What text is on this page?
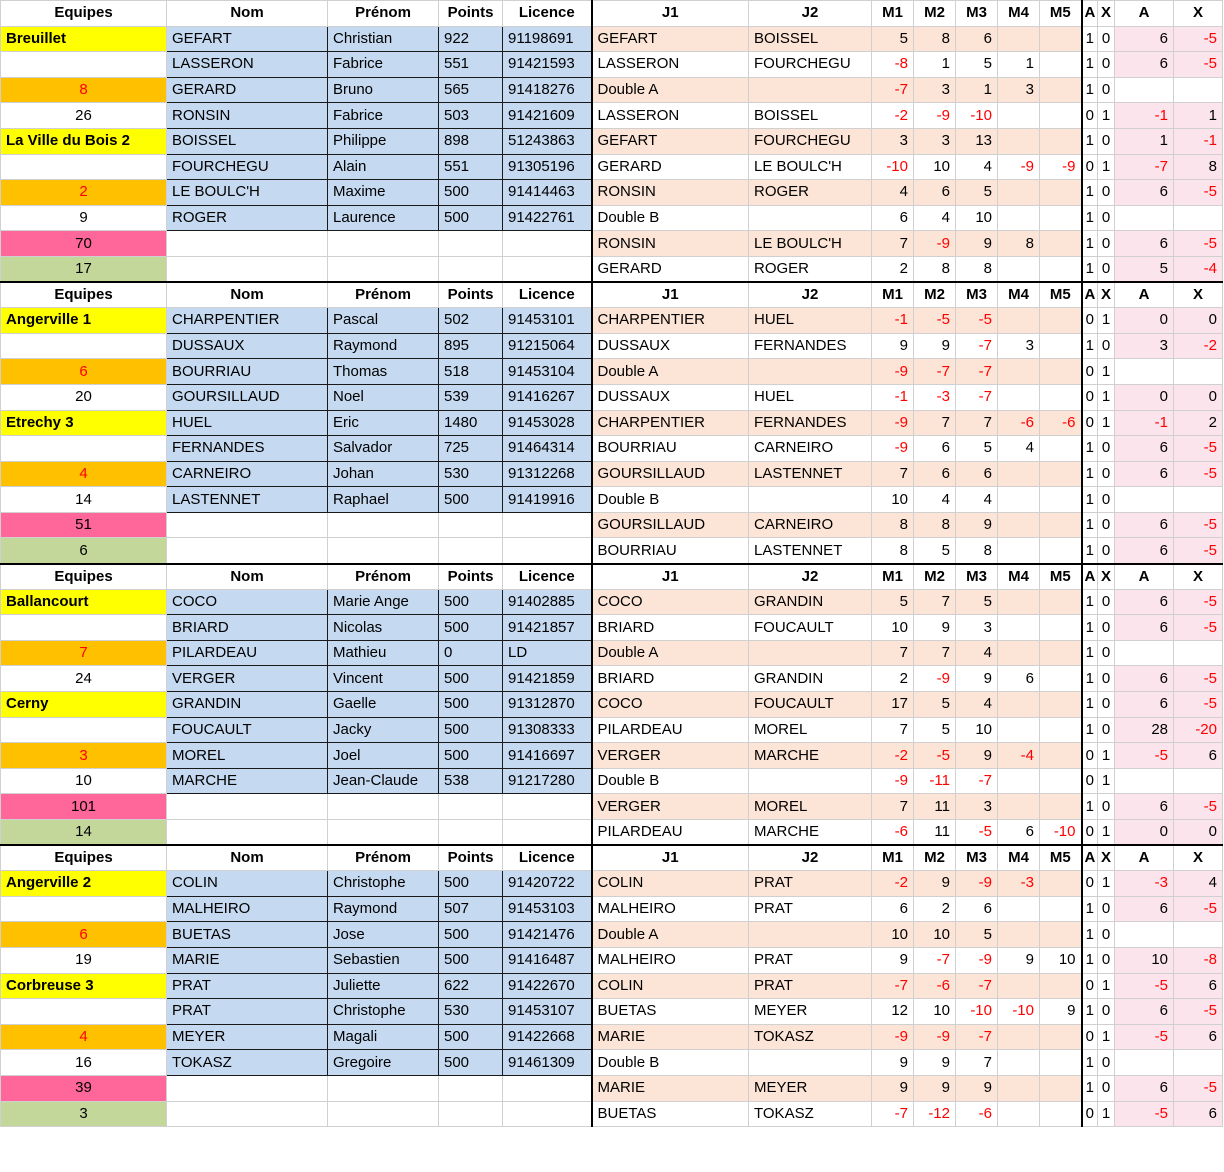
Equipes	Nom	Prénom	Points	Licence	J1	J2	M1	M2	M3	M4	M5	A	X	A	X
Breuillet	GEFART	Christian	922	91198691	GEFART	BOISSEL	5	8	6			1	0	6	-5
	LASSERON	Fabrice	551	91421593	LASSERON	FOURCHEGU	-8	1	5	1		1	0	6	-5
8	GERARD	Bruno	565	91418276	Double A		-7	3	1	3		1	0		
26	RONSIN	Fabrice	503	91421609	LASSERON	BOISSEL	-2	-9	-10			0	1	-1	1
La Ville du Bois 2	BOISSEL	Philippe	898	51243863	GEFART	FOURCHEGU	3	3	13			1	0	1	-1
	FOURCHEGU	Alain	551	91305196	GERARD	LE BOULC'H	-10	10	4	-9	-9	0	1	-7	8
2	LE BOULC'H	Maxime	500	91414463	RONSIN	ROGER	4	6	5			1	0	6	-5
9	ROGER	Laurence	500	91422761	Double B		6	4	10			1	0		
70					RONSIN	LE BOULC'H	7	-9	9	8		1	0	6	-5
17					GERARD	ROGER	2	8	8			1	0	5	-4
Equipes	Nom	Prénom	Points	Licence	J1	J2	M1	M2	M3	M4	M5	A	X	A	X
Angerville 1	CHARPENTIER	Pascal	502	91453101	CHARPENTIER	HUEL	-1	-5	-5			0	1	0	0
	DUSSAUX	Raymond	895	91215064	DUSSAUX	FERNANDES	9	9	-7	3		1	0	3	-2
6	BOURRIAU	Thomas	518	91453104	Double A		-9	-7	-7			0	1		
20	GOURSILLAUD	Noel	539	91416267	DUSSAUX	HUEL	-1	-3	-7			0	1	0	0
Etrechy 3	HUEL	Eric	1480	91453028	CHARPENTIER	FERNANDES	-9	7	7	-6	-6	0	1	-1	2
	FERNANDES	Salvador	725	91464314	BOURRIAU	CARNEIRO	-9	6	5	4		1	0	6	-5
4	CARNEIRO	Johan	530	91312268	GOURSILLAUD	LASTENNET	7	6	6			1	0	6	-5
14	LASTENNET	Raphael	500	91419916	Double B		10	4	4			1	0		
51					GOURSILLAUD	CARNEIRO	8	8	9			1	0	6	-5
6					BOURRIAU	LASTENNET	8	5	8			1	0	6	-5
Equipes	Nom	Prénom	Points	Licence	J1	J2	M1	M2	M3	M4	M5	A	X	A	X
Ballancourt	COCO	Marie Ange	500	91402885	COCO	GRANDIN	5	7	5			1	0	6	-5
	BRIARD	Nicolas	500	91421857	BRIARD	FOUCAULT	10	9	3			1	0	6	-5
7	PILARDEAU	Mathieu	0	LD	Double A		7	7	4			1	0		
24	VERGER	Vincent	500	91421859	BRIARD	GRANDIN	2	-9	9	6		1	0	6	-5
Cerny	GRANDIN	Gaelle	500	91312870	COCO	FOUCAULT	17	5	4			1	0	6	-5
	FOUCAULT	Jacky	500	91308333	PILARDEAU	MOREL	7	5	10			1	0	28	-20
3	MOREL	Joel	500	91416697	VERGER	MARCHE	-2	-5	9	-4		0	1	-5	6
10	MARCHE	Jean-Claude	538	91217280	Double B		-9	-11	-7			0	1		
101					VERGER	MOREL	7	11	3			1	0	6	-5
14					PILARDEAU	MARCHE	-6	11	-5	6	-10	0	1	0	0
Equipes	Nom	Prénom	Points	Licence	J1	J2	M1	M2	M3	M4	M5	A	X	A	X
Angerville 2	COLIN	Christophe	500	91420722	COLIN	PRAT	-2	9	-9	-3		0	1	-3	4
	MALHEIRO	Raymond	507	91453103	MALHEIRO	PRAT	6	2	6			1	0	6	-5
6	BUETAS	Jose	500	91421476	Double A		10	10	5			1	0		
19	MARIE	Sebastien	500	91416487	MALHEIRO	PRAT	9	-7	-9	9	10	1	0	10	-8
Corbreuse 3	PRAT	Juliette	622	91422670	COLIN	PRAT	-7	-6	-7			0	1	-5	6
	PRAT	Christophe	530	91453107	BUETAS	MEYER	12	10	-10	-10	9	1	0	6	-5
4	MEYER	Magali	500	91422668	MARIE	TOKASZ	-9	-9	-7			0	1	-5	6
16	TOKASZ	Gregoire	500	91461309	Double B		9	9	7			1	0		
39					MARIE	MEYER	9	9	9			1	0	6	-5
3					BUETAS	TOKASZ	-7	-12	-6			0	1	-5	6
